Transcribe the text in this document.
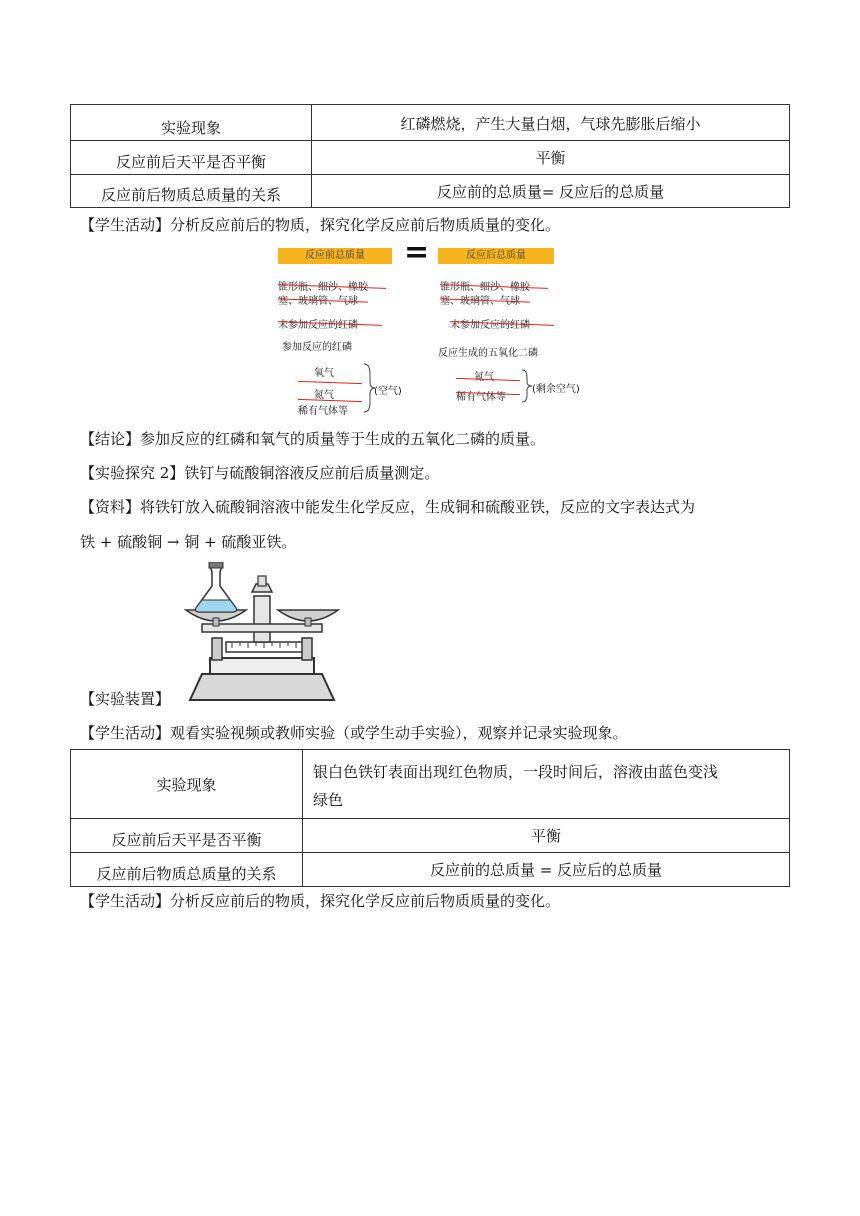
实验现象	红磷燃烧，产生大量白烟，气球先膨胀后缩小
反应前后天平是否平衡	平衡
反应前后物质总质量的关系	反应前的总质量= 反应后的总质量
【学生活动】分析反应前后的物质，探究化学反应前后物质质量的变化。
反应前总质量	=	反应后总质量
锥形瓶、细沙、橡胶
塞、玻璃管、气球
未参加反应的红磷
参加反应的红磷
氧气
氮气
稀有气体等
(空气)
锥形瓶、细沙、橡胶
塞、玻璃管、气球
未参加反应的红磷
反应生成的五氧化二磷
氮气
稀有气体等
(剩余空气)
【结论】参加反应的红磷和氧气的质量等于生成的五氧化二磷的质量。
【实验探究 2】铁钉与硫酸铜溶液反应前后质量测定。
【资料】将铁钉放入硫酸铜溶液中能发生化学反应，生成铜和硫酸亚铁，反应的文字表达式为
铁 + 硫酸铜 → 铜 + 硫酸亚铁。
【实验装置】
【学生活动】观看实验视频或教师实验（或学生动手实验），观察并记录实验现象。
实验现象	银白色铁钉表面出现红色物质，一段时间后，溶液由蓝色变浅
绿色

反应前后天平是否平衡	平衡
反应前后物质总质量的关系	反应前的总质量 = 反应后的总质量
【学生活动】分析反应前后的物质，探究化学反应前后物质质量的变化。
